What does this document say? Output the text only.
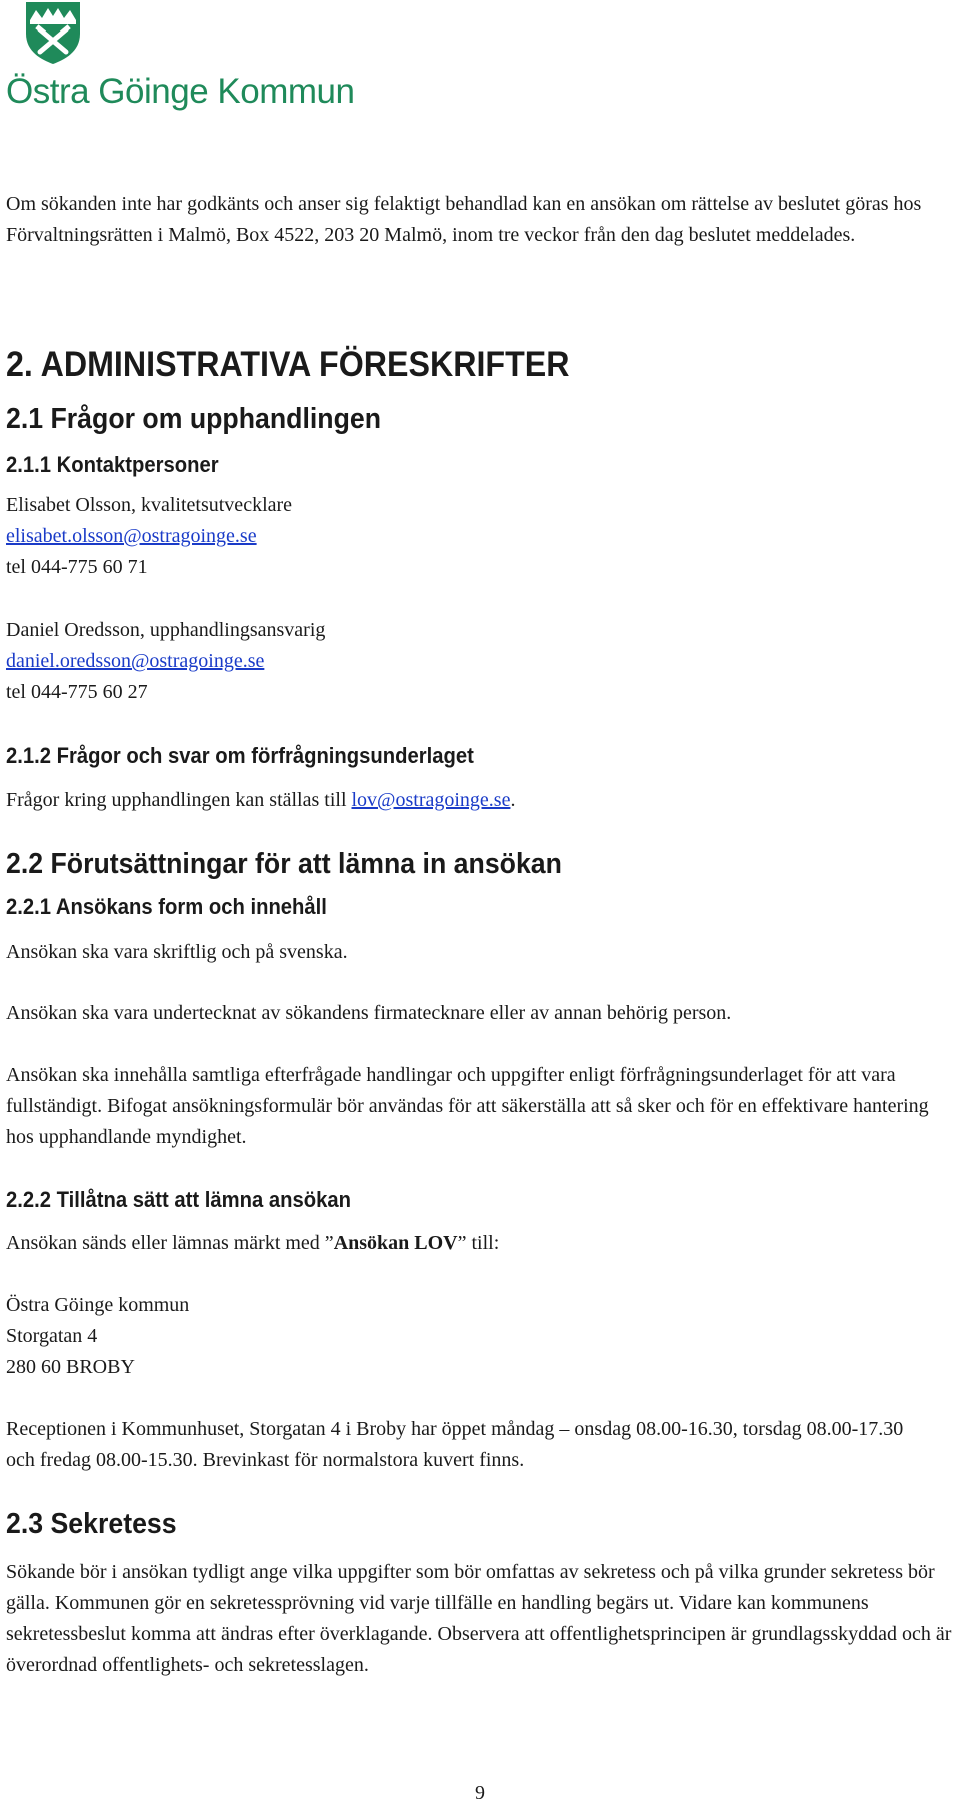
Östra Göinge Kommun

Om sökanden inte har godkänts och anser sig felaktigt behandlad kan en ansökan om rättelse av beslutet göras hos Förvaltningsrätten i Malmö, Box 4522, 203 20 Malmö, inom tre veckor från den dag beslutet meddelades.

2. ADMINISTRATIVA FÖRESKRIFTER
2.1 Frågor om upphandlingen
2.1.1 Kontaktpersoner
Elisabet Olsson, kvalitetsutvecklare
elisabet.olsson@ostragoinge.se
tel 044-775 60 71
Daniel Oredsson, upphandlingsansvarig
daniel.oredsson@ostragoinge.se
tel 044-775 60 27
2.1.2 Frågor och svar om förfrågningsunderlaget
Frågor kring upphandlingen kan ställas till lov@ostragoinge.se.
2.2 Förutsättningar för att lämna in ansökan
2.2.1 Ansökans form och innehåll
Ansökan ska vara skriftlig och på svenska.
Ansökan ska vara undertecknat av sökandens firmatecknare eller av annan behörig person.

Ansökan ska innehålla samtliga efterfrågade handlingar och uppgifter enligt förfrågningsunderlaget för att vara fullständigt. Bifogat ansökningsformulär bör användas för att säkerställa att så sker och för en effektivare hantering hos upphandlande myndighet.

2.2.2 Tillåtna sätt att lämna ansökan
Ansökan sänds eller lämnas märkt med ”Ansökan LOV” till:
Östra Göinge kommun
Storgatan 4
280 60 BROBY

Receptionen i Kommunhuset, Storgatan 4 i Broby har öppet måndag – onsdag 08.00-16.30, torsdag 08.00-17.30 och fredag 08.00-15.30. Brevinkast för normalstora kuvert finns.

2.3 Sekretess

Sökande bör i ansökan tydligt ange vilka uppgifter som bör omfattas av sekretess och på vilka grunder sekretess bör gälla. Kommunen gör en sekretessprövning vid varje tillfälle en handling begärs ut. Vidare kan kommunens sekretessbeslut komma att ändras efter överklagande. Observera att offentlighetsprincipen är grundlagsskyddad och är överordnad offentlighets- och sekretesslagen.

9
